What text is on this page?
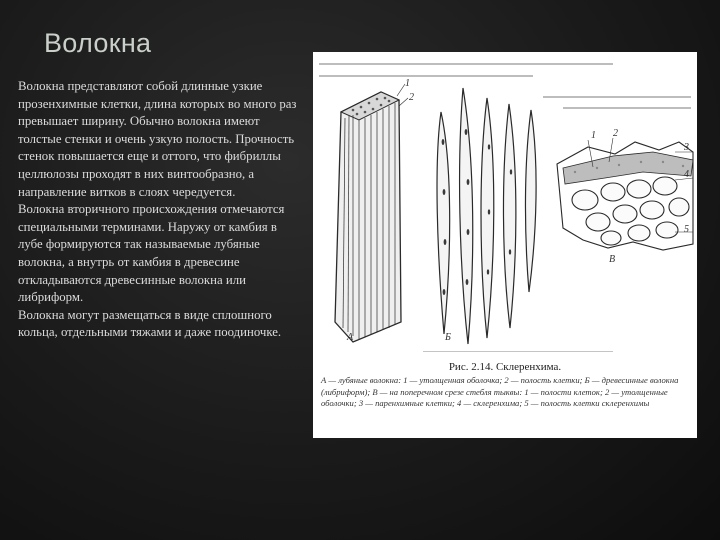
Волокна

Волокна представляют собой длинные узкие прозенхимные клетки, длина которых во много раз превышает ширину. Обычно волокна имеют толстые стенки и очень узкую полость. Прочность стенок повышается еще и оттого, что фибриллы целлюлозы проходят в них винтообразно, а направление витков в слоях чередуется.

Волокна вторичного происхождения отмечаются специальными терминами. Наружу от камбия в лубе формируются так называемые лубяные волокна, а внутрь от камбия в древесине откладываются древесинные волокна или либриформ.

Волокна могут размещаться в виде сплошного кольца, отдельными тяжами и даже поодиночке.	А	Б
В
1
2
1 2
3
4
5
Рис. 2.14. Склеренхима.
А — лубяные волокна: 1 — утолщенная оболочка; 2 — полость клетки; Б — древесинные волокна (либриформ); В — на поперечном срезе стебля тыквы: 1 — полости клеток; 2 — утолщенные оболочки; 3 — паренхимные клетки; 4 — склеренхима; 5 — полость клетки склеренхимы
